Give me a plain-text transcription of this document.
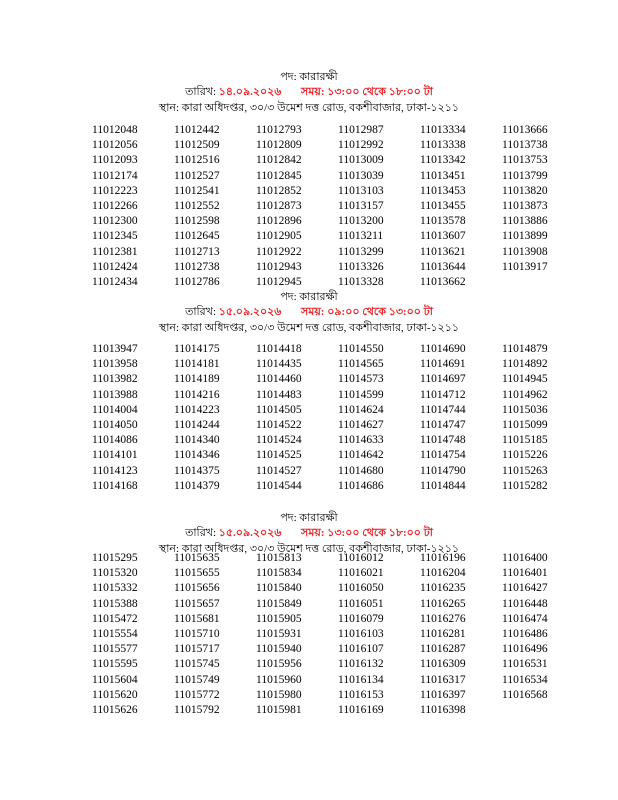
পদ: কারারক্ষী
তারিখ: ১৪.০৯.২০২৬ সময়: ১৩:০০ থেকে ১৮:০০ টা
স্থান: কারা অধিদপ্তর, ৩০/৩ উমেশ দত্ত রোড, বকশীবাজার, ঢাকা-১২১১
11012048
11012056
11012093
11012174
11012223
11012266
11012300
11012345
11012381
11012424
11012434
11012442
11012509
11012516
11012527
11012541
11012552
11012598
11012645
11012713
11012738
11012786
11012793
11012809
11012842
11012845
11012852
11012873
11012896
11012905
11012922
11012943
11012945
11012987
11012992
11013009
11013039
11013103
11013157
11013200
11013211
11013299
11013326
11013328
11013334
11013338
11013342
11013451
11013453
11013455
11013578
11013607
11013621
11013644
11013662
11013666
11013738
11013753
11013799
11013820
11013873
11013886
11013899
11013908
11013917
পদ: কারারক্ষী
তারিখ: ১৫.০৯.২০২৬ সময়: ০৯:০০ থেকে ১৩:০০ টা
স্থান: কারা অধিদপ্তর, ৩০/৩ উমেশ দত্ত রোড, বকশীবাজার, ঢাকা-১২১১
11013947
11013958
11013982
11013988
11014004
11014050
11014086
11014101
11014123
11014168
11014175
11014181
11014189
11014216
11014223
11014244
11014340
11014346
11014375
11014379
11014418
11014435
11014460
11014483
11014505
11014522
11014524
11014525
11014527
11014544
11014550
11014565
11014573
11014599
11014624
11014627
11014633
11014642
11014680
11014686
11014690
11014691
11014697
11014712
11014744
11014747
11014748
11014754
11014790
11014844
11014879
11014892
11014945
11014962
11015036
11015099
11015185
11015226
11015263
11015282
পদ: কারারক্ষী
তারিখ: ১৫.০৯.২০২৬ সময়: ১৩:০০ থেকে ১৮:০০ টা
স্থান: কারা অধিদপ্তর, ৩০/৩ উমেশ দত্ত রোড, বকশীবাজার, ঢাকা-১২১১
11015295
11015320
11015332
11015388
11015472
11015554
11015577
11015595
11015604
11015620
11015626
11015635
11015655
11015656
11015657
11015681
11015710
11015717
11015745
11015749
11015772
11015792
11015813
11015834
11015840
11015849
11015905
11015931
11015940
11015956
11015960
11015980
11015981
11016012
11016021
11016050
11016051
11016079
11016103
11016107
11016132
11016134
11016153
11016169
11016196
11016204
11016235
11016265
11016276
11016281
11016287
11016309
11016317
11016397
11016398
11016400
11016401
11016427
11016448
11016474
11016486
11016496
11016531
11016534
11016568
